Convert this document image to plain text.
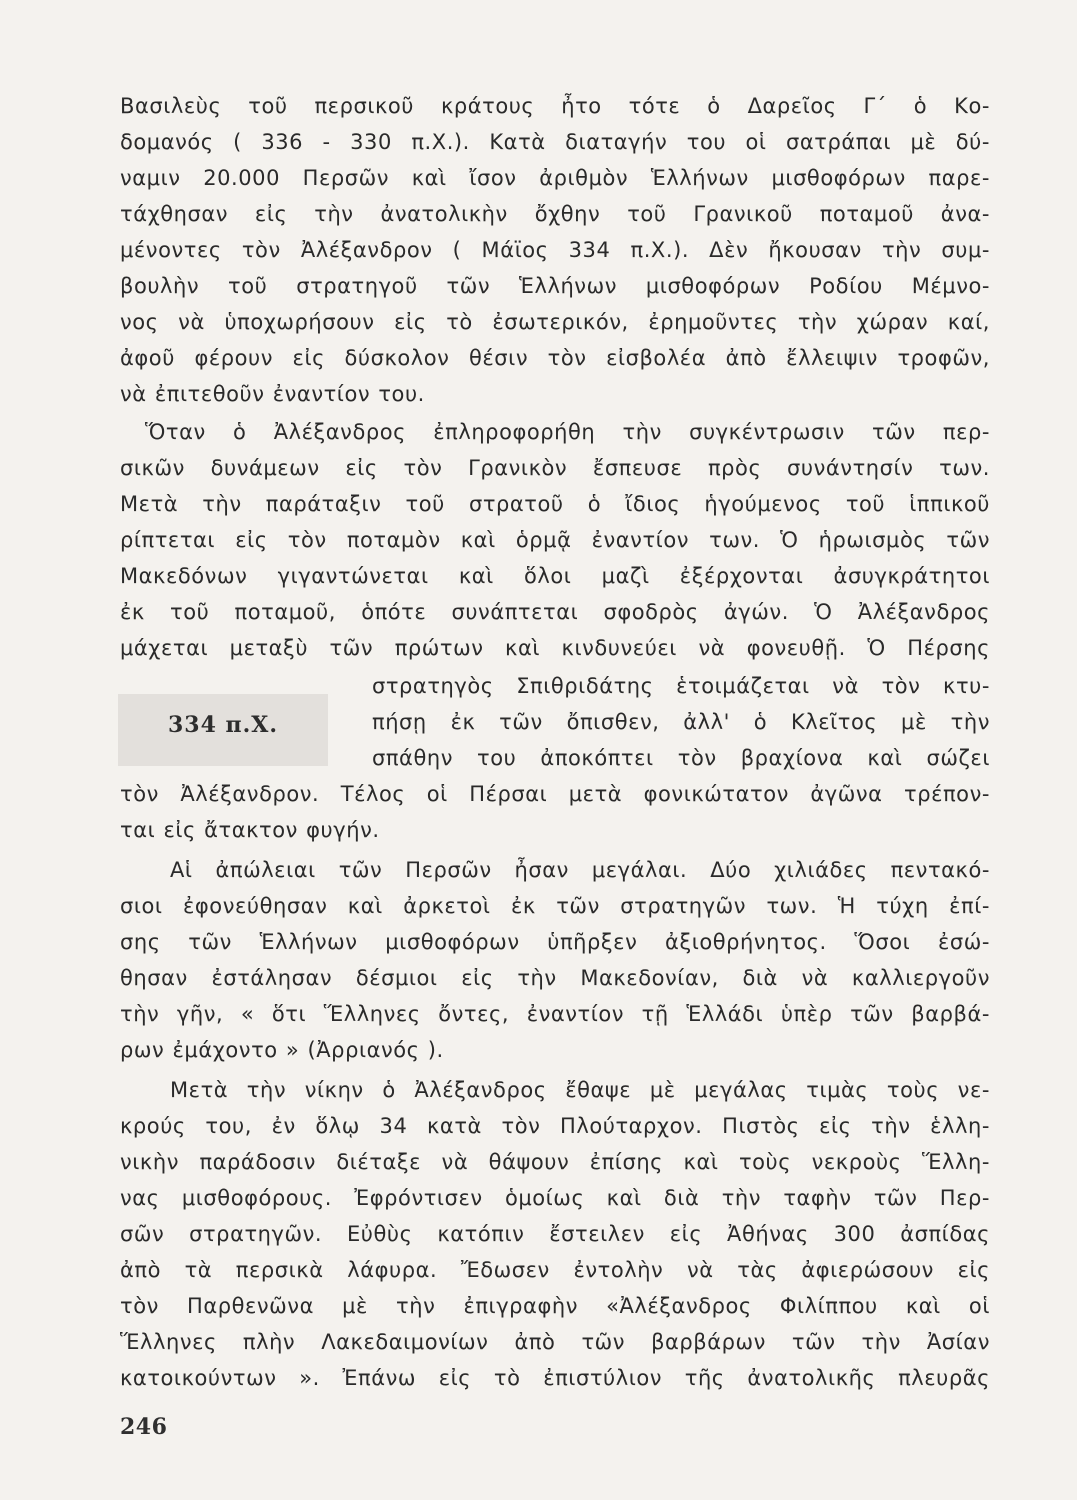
334 π.Χ.
Βασιλεὺς τοῦ περσικοῦ κράτους ἦτο τότε ὁ Δαρεῖος Γ΄ ὁ Κο-
δομανός ( 336 - 330 π.Χ.). Κατὰ διαταγήν του οἱ σατράπαι μὲ δύ-
ναμιν 20.000 Περσῶν καὶ ἴσον ἀριθμὸν Ἑλλήνων μισθοφόρων παρε-
τάχθησαν εἰς τὴν ἀνατολικὴν ὄχθην τοῦ Γρανικοῦ ποταμοῦ ἀνα-
μένοντες τὸν Ἀλέξανδρον ( Μάϊος 334 π.Χ.). Δὲν ἤκουσαν τὴν συμ-
βουλὴν τοῦ στρατηγοῦ τῶν Ἑλλήνων μισθοφόρων Ροδίου Μέμνο-
νος νὰ ὑποχωρήσουν εἰς τὸ ἐσωτερικόν, ἐρημοῦντες τὴν χώραν καί,
ἀφοῦ φέρουν εἰς δύσκολον θέσιν τὸν εἰσβολέα ἀπὸ ἔλλειψιν τροφῶν,
νὰ ἐπιτεθοῦν ἐναντίον του.
Ὅταν ὁ Ἀλέξανδρος ἐπληροφορήθη τὴν συγκέντρωσιν τῶν περ-
σικῶν δυνάμεων εἰς τὸν Γρανικὸν ἔσπευσε πρὸς συνάντησίν των.
Μετὰ τὴν παράταξιν τοῦ στρατοῦ ὁ ἴδιος ἡγούμενος τοῦ ἱππικοῦ
ρίπτεται εἰς τὸν ποταμὸν καὶ ὁρμᾷ ἐναντίον των. Ὁ ἡρωισμὸς τῶν
Μακεδόνων γιγαντώνεται καὶ ὅλοι μαζὶ ἐξέρχονται ἀσυγκράτητοι
ἐκ τοῦ ποταμοῦ, ὁπότε συνάπτεται σφοδρὸς ἀγών. Ὁ Ἀλέξανδρος
μάχεται μεταξὺ τῶν πρώτων καὶ κινδυνεύει νὰ φονευθῇ. Ὁ Πέρσης
στρατηγὸς Σπιθριδάτης ἑτοιμάζεται νὰ τὸν κτυ-
πήσῃ ἐκ τῶν ὄπισθεν, ἀλλ' ὁ Κλεῖτος μὲ τὴν
σπάθην του ἀποκόπτει τὸν βραχίονα καὶ σώζει
τὸν Ἀλέξανδρον. Τέλος οἱ Πέρσαι μετὰ φονικώτατον ἀγῶνα τρέπον-
ται εἰς ἄτακτον φυγήν.
Αἱ ἀπώλειαι τῶν Περσῶν ἦσαν μεγάλαι. Δύο χιλιάδες πεντακό-
σιοι ἐφονεύθησαν καὶ ἀρκετοὶ ἐκ τῶν στρατηγῶν των. Ἡ τύχη ἐπί-
σης τῶν Ἑλλήνων μισθοφόρων ὑπῆρξεν ἀξιοθρήνητος. Ὅσοι ἐσώ-
θησαν ἐστάλησαν δέσμιοι εἰς τὴν Μακεδονίαν, διὰ νὰ καλλιεργοῦν
τὴν γῆν, « ὅτι Ἕλληνες ὄντες, ἐναντίον τῇ Ἑλλάδι ὑπὲρ τῶν βαρβά-
ρων ἐμάχοντο » (Ἀρριανός ).
Μετὰ τὴν νίκην ὁ Ἀλέξανδρος ἔθαψε μὲ μεγάλας τιμὰς τοὺς νε-
κρούς του, ἐν ὅλῳ 34 κατὰ τὸν Πλούταρχον. Πιστὸς εἰς τὴν ἑλλη-
νικὴν παράδοσιν διέταξε νὰ θάψουν ἐπίσης καὶ τοὺς νεκροὺς Ἕλλη-
νας μισθοφόρους. Ἐφρόντισεν ὁμοίως καὶ διὰ τὴν ταφὴν τῶν Περ-
σῶν στρατηγῶν. Εὐθὺς κατόπιν ἔστειλεν εἰς Ἀθήνας 300 ἀσπίδας
ἀπὸ τὰ περσικὰ λάφυρα. Ἔδωσεν ἐντολὴν νὰ τὰς ἀφιερώσουν εἰς
τὸν Παρθενῶνα μὲ τὴν ἐπιγραφὴν «Ἀλέξανδρος Φιλίππου καὶ οἱ
Ἕλληνες πλὴν Λακεδαιμονίων ἀπὸ τῶν βαρβάρων τῶν τὴν Ἀσίαν
κατοικούντων ». Ἐπάνω εἰς τὸ ἐπιστύλιον τῆς ἀνατολικῆς πλευρᾶς
246
